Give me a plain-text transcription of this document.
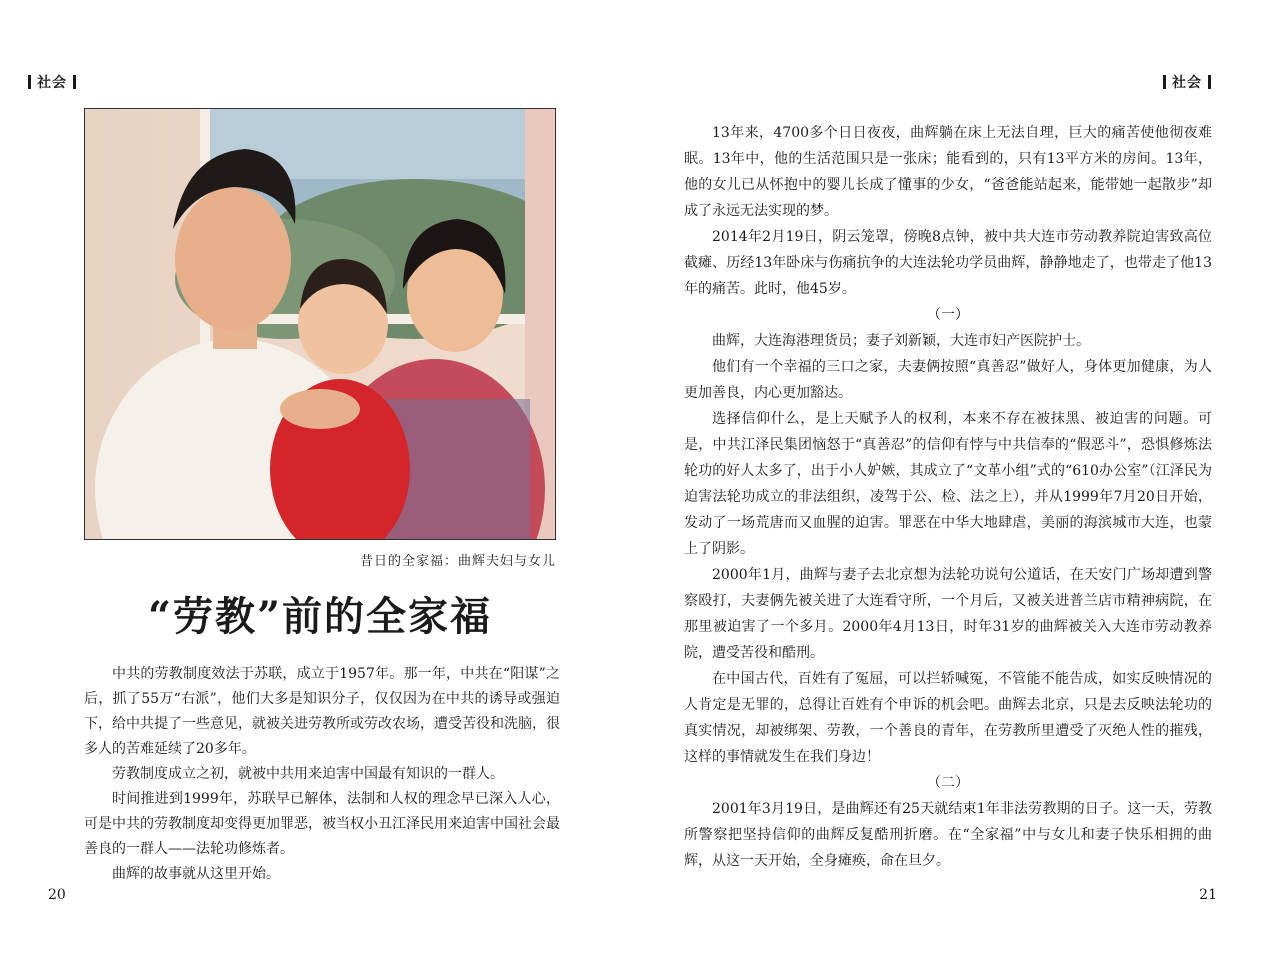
社会
昔日的全家福：曲辉夫妇与女儿
“劳教”前的全家福

中共的劳教制度效法于苏联，成立于1957年。那一年，中共在“阳谋”之后，抓了55万“右派”，他们大多是知识分子，仅仅因为在中共的诱导或强迫下，给中共提了一些意见，就被关进劳教所或劳改农场，遭受苦役和洗脑，很多人的苦难延续了20多年。

劳教制度成立之初，就被中共用来迫害中国最有知识的一群人。

时间推进到1999年，苏联早已解体，法制和人权的理念早已深入人心，可是中共的劳教制度却变得更加罪恶，被当权小丑江泽民用来迫害中国社会最善良的一群人——法轮功修炼者。

曲辉的故事就从这里开始。

20
社会

13年来，4700多个日日夜夜，曲辉躺在床上无法自理，巨大的痛苦使他彻夜难眠。13年中，他的生活范围只是一张床；能看到的，只有13平方米的房间。13年，他的女儿已从怀抱中的婴儿长成了懂事的少女，“爸爸能站起来，能带她一起散步”却成了永远无法实现的梦。

2014年2月19日，阴云笼罩，傍晚8点钟，被中共大连市劳动教养院迫害致高位截瘫、历经13年卧床与伤痛抗争的大连法轮功学员曲辉，静静地走了，也带走了他13年的痛苦。此时，他45岁。

（一）

曲辉，大连海港理货员；妻子刘新颖，大连市妇产医院护士。

他们有一个幸福的三口之家，夫妻俩按照“真善忍”做好人，身体更加健康，为人更加善良，内心更加豁达。

选择信仰什么，是上天赋予人的权利，本来不存在被抹黑、被迫害的问题。可是，中共江泽民集团恼怒于“真善忍”的信仰有悖与中共信奉的“假恶斗”，恐惧修炼法轮功的好人太多了，出于小人妒嫉，其成立了“文革小组”式的“610办公室”（江泽民为迫害法轮功成立的非法组织，凌驾于公、检、法之上），并从1999年7月20日开始，发动了一场荒唐而又血腥的迫害。罪恶在中华大地肆虐，美丽的海滨城市大连，也蒙上了阴影。

2000年1月，曲辉与妻子去北京想为法轮功说句公道话，在天安门广场却遭到警察殴打，夫妻俩先被关进了大连看守所，一个月后，又被关进普兰店市精神病院，在那里被迫害了一个多月。2000年4月13日，时年31岁的曲辉被关入大连市劳动教养院，遭受苦役和酷刑。

在中国古代，百姓有了冤屈，可以拦轿喊冤，不管能不能告成，如实反映情况的人肯定是无罪的，总得让百姓有个申诉的机会吧。曲辉去北京，只是去反映法轮功的真实情况，却被绑架、劳教，一个善良的青年，在劳教所里遭受了灭绝人性的摧残，这样的事情就发生在我们身边！

（二）

2001年3月19日，是曲辉还有25天就结束1年非法劳教期的日子。这一天，劳教所警察把坚持信仰的曲辉反复酷刑折磨。在“全家福”中与女儿和妻子快乐相拥的曲辉，从这一天开始，全身瘫痪，命在旦夕。

21
